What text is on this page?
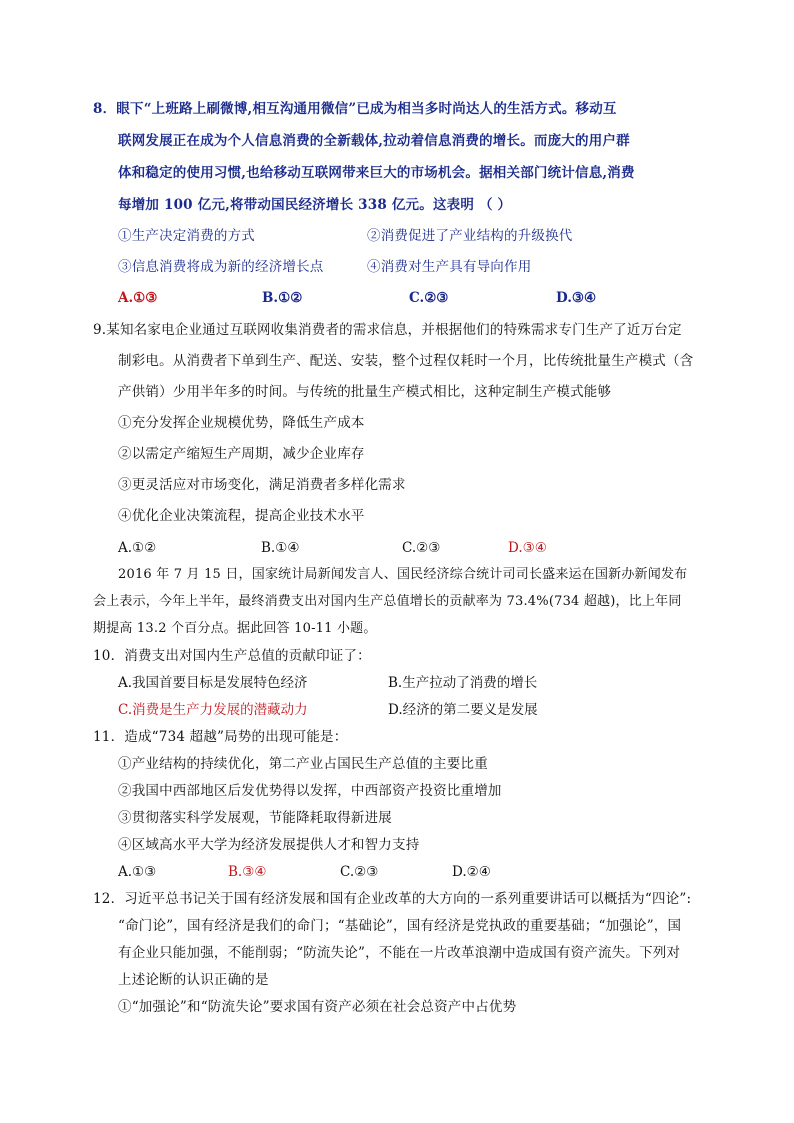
8．眼下“上班路上刷微博,相互沟通用微信”已成为相当多时尚达人的生活方式。移动互
联网发展正在成为个人信息消费的全新载体,拉动着信息消费的增长。而庞大的用户群
体和稳定的使用习惯,也给移动互联网带来巨大的市场机会。据相关部门统计信息,消费
每增加 100 亿元,将带动国民经济增长 338 亿元。这表明 （ ）
①生产决定消费的方式	②消费促进了产业结构的升级换代
③信息消费将成为新的经济增长点	④消费对生产具有导向作用
A.①③	B.①②	C.②③	D.③④
9.某知名家电企业通过互联网收集消费者的需求信息，并根据他们的特殊需求专门生产了近万台定
制彩电。从消费者下单到生产、配送、安装，整个过程仅耗时一个月，比传统批量生产模式（含
产供销）少用半年多的时间。与传统的批量生产模式相比，这种定制生产模式能够
①充分发挥企业规模优势，降低生产成本
②以需定产缩短生产周期，减少企业库存
③更灵活应对市场变化，满足消费者多样化需求
④优化企业决策流程，提高企业技术水平
A.①②	B.①④	C.②③	D.③④
2016 年 7 月 15 日，国家统计局新闻发言人、国民经济综合统计司司长盛来运在国新办新闻发布
会上表示，今年上半年，最终消费支出对国内生产总值增长的贡献率为 73.4%(734 超越)，比上年同
期提高 13.2 个百分点。据此回答 10-11 小题。
10．消费支出对国内生产总值的贡献印证了：
A.我国首要目标是发展特色经济	B.生产拉动了消费的增长
C.消费是生产力发展的潜藏动力	D.经济的第二要义是发展
11．造成“734 超越”局势的出现可能是：
①产业结构的持续优化，第二产业占国民生产总值的主要比重
②我国中西部地区后发优势得以发挥，中西部资产投资比重增加
③贯彻落实科学发展观，节能降耗取得新进展
④区域高水平大学为经济发展提供人才和智力支持
A.①③	B.③④	C.②③	D.②④
12．习近平总书记关于国有经济发展和国有企业改革的大方向的一系列重要讲话可以概括为“四论”:
“命门论”，国有经济是我们的命门；“基础论”，国有经济是党执政的重要基础；“加强论”，国
有企业只能加强，不能削弱；“防流失论”，不能在一片改革浪潮中造成国有资产流失。下列对
上述论断的认识正确的是
①“加强论”和“防流失论”要求国有资产必须在社会总资产中占优势
